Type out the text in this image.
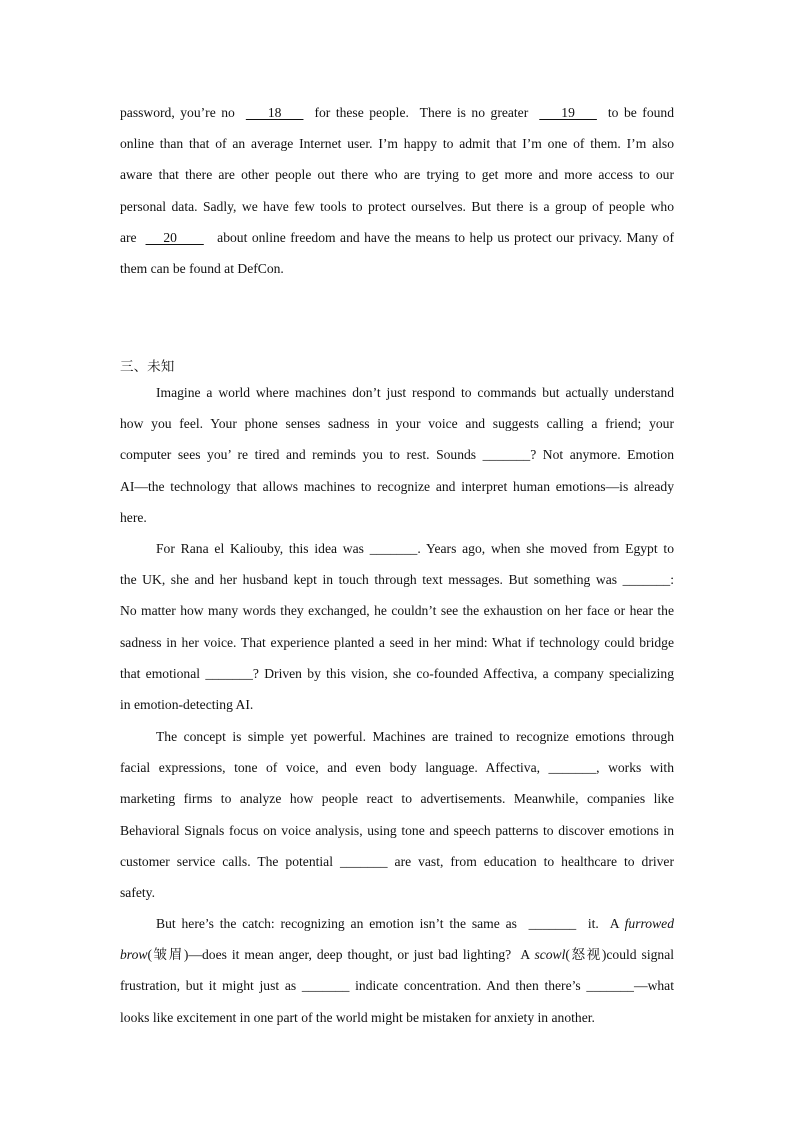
password, you’re no      18      for these people.  There is no greater      19      to be found
online than that of an average Internet user. I’m happy to admit that I’m one of them. I’m also
aware that there are other people out there who are trying to get more and more access to our
personal data. Sadly, we have few tools to protect ourselves. But there is a group of people who
are      20         about online freedom and have the means to help us protect our privacy. Many of
them can be found at DefCon.
三、未知
Imagine a world where machines don’t just respond to commands but actually understand
how you feel. Your phone senses sadness in your voice and suggests calling a friend; your
computer sees you’ re tired and reminds you to rest. Sounds _______? Not anymore. Emotion
AI—the technology that allows machines to recognize and interpret human emotions—is already
here.
For Rana el Kaliouby, this idea was _______. Years ago, when she moved from Egypt to
the UK, she and her husband kept in touch through text messages. But something was _______:
No matter how many words they exchanged, he couldn’t see the exhaustion on her face or hear the
sadness in her voice. That experience planted a seed in her mind: What if technology could bridge
that emotional _______? Driven by this vision, she co-founded Affectiva, a company specializing
in emotion-detecting AI.
The concept is simple yet powerful. Machines are trained to recognize emotions through
facial expressions, tone of voice, and even body language. Affectiva, _______, works with
marketing firms to analyze how people react to advertisements. Meanwhile, companies like
Behavioral Signals focus on voice analysis, using tone and speech patterns to discover emotions in
customer service calls. The potential _______ are vast, from education to healthcare to driver
safety.
But here’s the catch: recognizing an emotion isn’t the same as  _______  it.  A furrowed
brow(皱眉)—does it mean anger, deep thought, or just bad lighting?  A scowl(怒视)could signal
frustration, but it might just as _______ indicate concentration. And then there’s _______—what
looks like excitement in one part of the world might be mistaken for anxiety in another.
